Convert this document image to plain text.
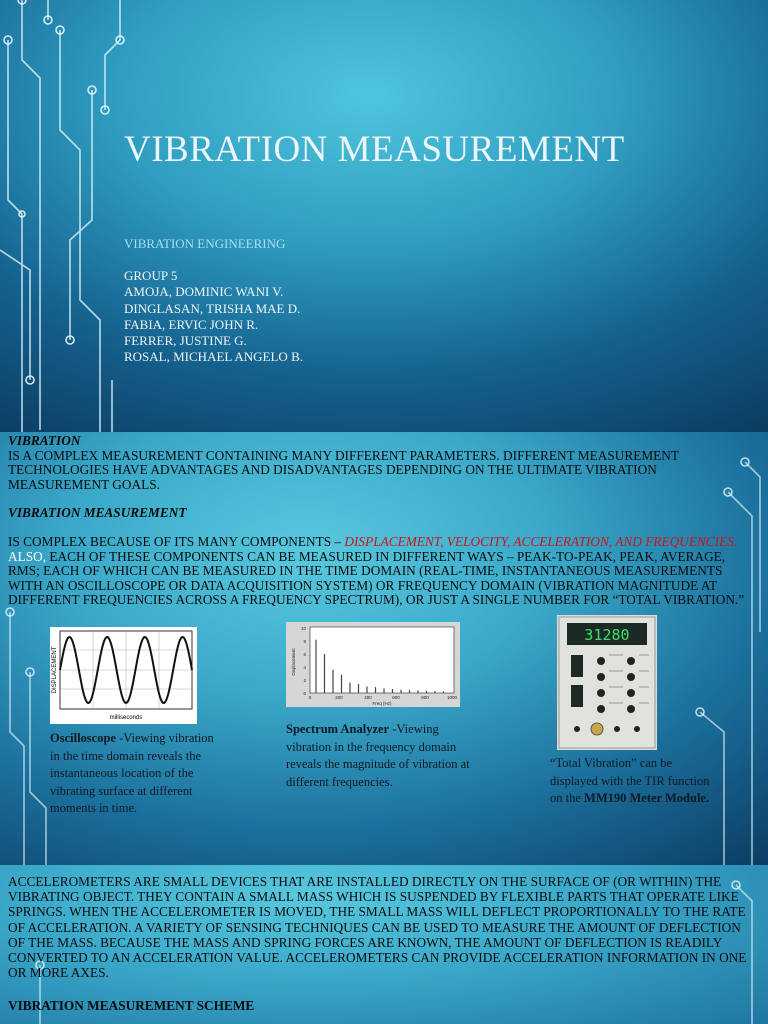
VIBRATION MEASUREMENT
VIBRATION ENGINEERING
GROUP 5
AMOJA, DOMINIC WANI V.
DINGLASAN, TRISHA MAE D.
FABIA, ERVIC JOHN R.
FERRER, JUSTINE G.
ROSAL, MICHAEL ANGELO B.
VIBRATION
IS A COMPLEX MEASUREMENT CONTAINING MANY DIFFERENT PARAMETERS. DIFFERENT MEASUREMENT TECHNOLOGIES HAVE ADVANTAGES AND DISADVANTAGES DEPENDING ON THE ULTIMATE VIBRATION MEASUREMENT GOALS.
VIBRATION MEASUREMENT
IS COMPLEX BECAUSE OF ITS MANY COMPONENTS – DISPLACEMENT, VELOCITY, ACCELERATION, AND FREQUENCIES. ALSO, EACH OF THESE COMPONENTS CAN BE MEASURED IN DIFFERENT WAYS – PEAK-TO-PEAK, PEAK, AVERAGE, RMS; EACH OF WHICH CAN BE MEASURED IN THE TIME DOMAIN (REAL-TIME, INSTANTANEOUS MEASUREMENTS WITH AN OSCILLOSCOPE OR DATA ACQUISITION SYSTEM) OR FREQUENCY DOMAIN (VIBRATION MAGNITUDE AT DIFFERENT FREQUENCIES ACROSS A FREQUENCY SPECTRUM), OR JUST A SINGLE NUMBER FOR “TOTAL VIBRATION.”
DISPLACEMENT
milliseconds
10
8
6
4
2
0
0	200	400	600	800	1000
Freq (Hz)
Displacement
31280
Oscilloscope -Viewing vibration in the time domain reveals the instantaneous location of the vibrating surface at different moments in time.
Spectrum Analyzer -Viewing vibration in the frequency domain reveals the magnitude of vibration at different frequencies.
“Total Vibration” can be displayed with the TIR function on the MM190 Meter Module.
ACCELEROMETERS ARE SMALL DEVICES THAT ARE INSTALLED DIRECTLY ON THE SURFACE OF (OR WITHIN) THE VIBRATING OBJECT. THEY CONTAIN A SMALL MASS WHICH IS SUSPENDED BY FLEXIBLE PARTS THAT OPERATE LIKE SPRINGS. WHEN THE ACCELEROMETER IS MOVED, THE SMALL MASS WILL DEFLECT PROPORTIONALLY TO THE RATE OF ACCELERATION. A VARIETY OF SENSING TECHNIQUES CAN BE USED TO MEASURE THE AMOUNT OF DEFLECTION OF THE MASS. BECAUSE THE MASS AND SPRING FORCES ARE KNOWN, THE AMOUNT OF DEFLECTION IS READILY CONVERTED TO AN ACCELERATION VALUE. ACCELEROMETERS CAN PROVIDE ACCELERATION INFORMATION IN ONE OR MORE AXES.
VIBRATION MEASUREMENT SCHEME
